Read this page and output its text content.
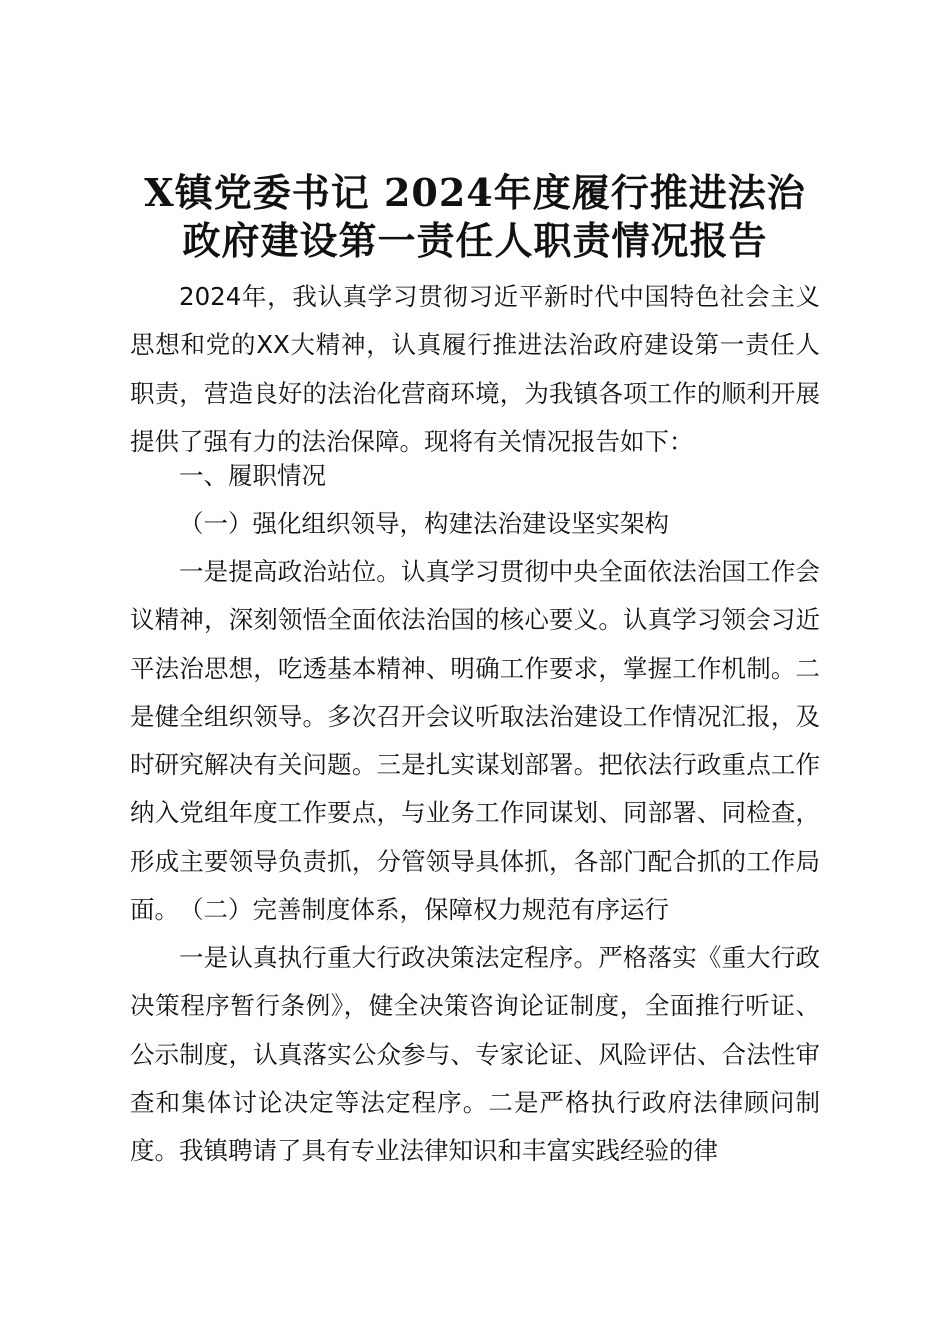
X镇党委书记 2024年度履行推进法治
政府建设第一责任人职责情况报告

2024年，我认真学习贯彻习近平新时代中国特色社会主义思想和党的XX大精神，认真履行推进法治政府建设第一责任人职责，营造良好的法治化营商环境，为我镇各项工作的顺利开展提供了强有力的法治保障。现将有关情况报告如下：

一、履职情况

（一）强化组织领导，构建法治建设坚实架构

一是提高政治站位。认真学习贯彻中央全面依法治国工作会议精神，深刻领悟全面依法治国的核心要义。认真学习领会习近平法治思想，吃透基本精神、明确工作要求，掌握工作机制。二是健全组织领导。多次召开会议听取法治建设工作情况汇报，及时研究解决有关问题。三是扎实谋划部署。把依法行政重点工作纳入党组年度工作要点，与业务工作同谋划、同部署、同检查，形成主要领导负责抓，分管领导具体抓，各部门配合抓的工作局面。 （二）完善制度体系，保障权力规范有序运行

一是认真执行重大行政决策法定程序。严格落实《重大行政决策程序暂行条例》，健全决策咨询论证制度，全面推行听证、公示制度，认真落实公众参与、专家论证、风险评估、合法性审查和集体讨论决定等法定程序。二是严格执行政府法律顾问制度。我镇聘请了具有专业法律知识和丰富实践经验的律
